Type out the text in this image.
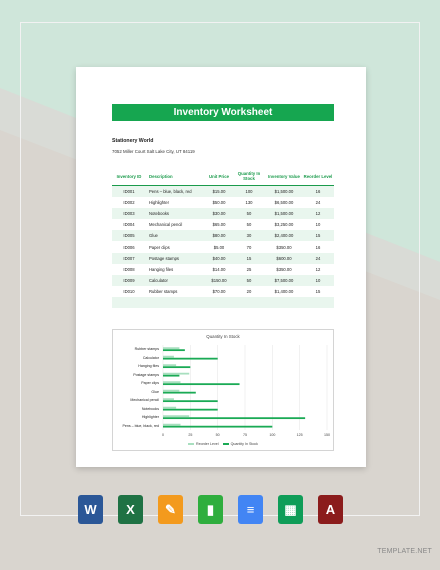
Inventory Worksheet
Stationery World
7052 Miller Court Salt Lake City, UT 84119
Inventory ID	Description	Unit Price	Quantity In Stock	Inventory Value	Reorder Level
ID001	Pens – blue, black, red	$15.00	100	$1,500.00	16
ID002	Highlighter	$50.00	130	$6,500.00	24
ID003	Notebooks	$30.00	50	$1,500.00	12
ID004	Mechanical pencil	$65.00	50	$3,250.00	10
ID005	Glue	$80.00	30	$2,400.00	15
ID006	Paper clips	$5.00	70	$350.00	16
ID007	Postage stamps	$40.00	15	$600.00	24
ID008	Hanging files	$14.00	25	$350.00	12
ID009	Calculator	$150.00	50	$7,500.00	10
ID010	Rubber stamps	$70.00	20	$1,400.00	15

Quantity In Stock
Rubber stamps
Calculator
Hanging files
Postage stamps
Paper clips
Glue
Mechanical pencil
Notebooks
Highlighter
Pens – blue, black, red
0	25	50	75	100	125	150
Reorder Level	Quantity In Stock
W	X	✎	▮	≡	▦	A
TEMPLATE.NET
